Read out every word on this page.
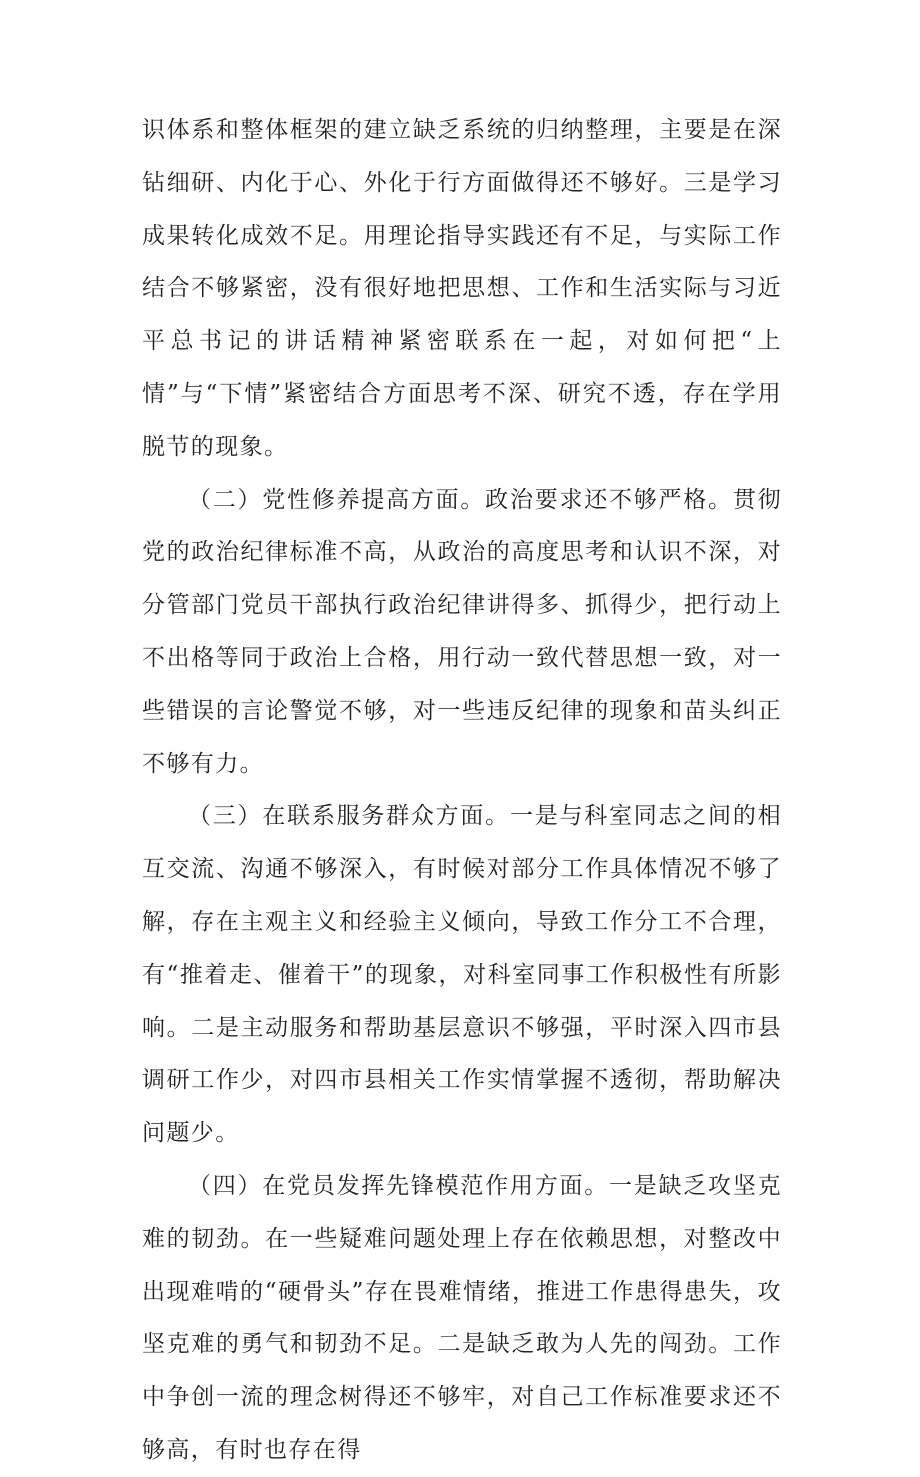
识体系和整体框架的建立缺乏系统的归纳整理，主要是在深钻细研、内化于心、外化于行方面做得还不够好。三是学习成果转化成效不足。用理论指导实践还有不足，与实际工作结合不够紧密，没有很好地把思想、工作和生活实际与习近平总书记的讲话精神紧密联系在一起，对如何把“上情”与“下情”紧密结合方面思考不深、研究不透，存在学用脱节的现象。

（二）党性修养提高方面。政治要求还不够严格。贯彻党的政治纪律标准不高，从政治的高度思考和认识不深，对分管部门党员干部执行政治纪律讲得多、抓得少，把行动上不出格等同于政治上合格，用行动一致代替思想一致，对一些错误的言论警觉不够，对一些违反纪律的现象和苗头纠正不够有力。

（三）在联系服务群众方面。一是与科室同志之间的相互交流、沟通不够深入，有时候对部分工作具体情况不够了解，存在主观主义和经验主义倾向，导致工作分工不合理，有“推着走、催着干”的现象，对科室同事工作积极性有所影响。二是主动服务和帮助基层意识不够强，平时深入四市县调研工作少，对四市县相关工作实情掌握不透彻，帮助解决问题少。

（四）在党员发挥先锋模范作用方面。一是缺乏攻坚克难的韧劲。在一些疑难问题处理上存在依赖思想，对整改中出现难啃的“硬骨头”存在畏难情绪，推进工作患得患失，攻坚克难的勇气和韧劲不足。二是缺乏敢为人先的闯劲。工作中争创一流的理念树得还不够牢，对自己工作标准要求还不够高，有时也存在得
